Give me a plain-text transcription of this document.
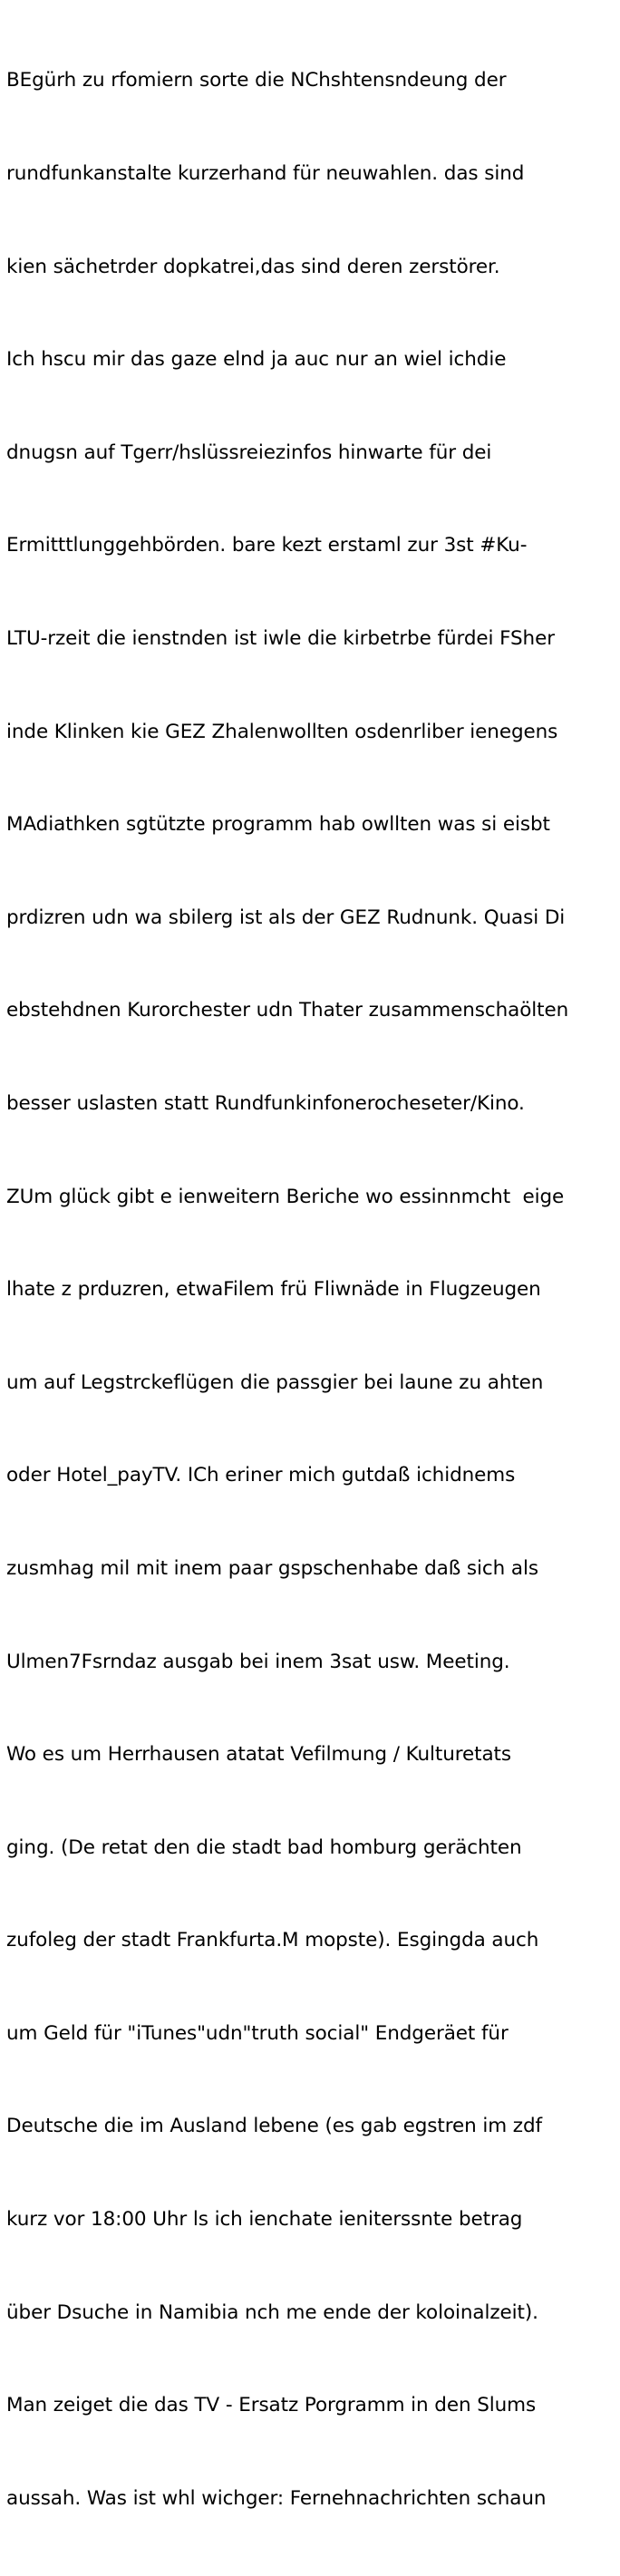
BEgürh zu rfomiern sorte die NChshtensndeung der

rundfunkanstalte kurzerhand für neuwahlen. das sind

kien sächetrder dopkatrei,das sind deren zerstörer.

Ich hscu mir das gaze elnd ja auc nur an wiel ichdie

dnugsn auf Tgerr/hslüssreiezinfos hinwarte für dei

Ermitttlunggehbörden. bare kezt erstaml zur 3st #Ku-

LTU-rzeit die ienstnden ist iwle die kirbetrbe fürdei FSher

inde Klinken kie GEZ Zhalenwollten osdenrliber ienegens

MAdiathken sgtützte programm hab owllten was si eisbt

prdizren udn wa sbilerg ist als der GEZ Rudnunk. Quasi Di

ebstehdnen Kurorchester udn Thater zusammenschaölten

besser uslasten statt Rundfunkinfonerocheseter/Kino.

ZUm glück gibt e ienweitern Beriche wo essinnmcht  eige

lhate z prduzren, etwaFilem frü Fliwnäde in Flugzeugen

um auf Legstrckeflügen die passgier bei laune zu ahten

oder Hotel_payTV. ICh eriner mich gutdaß ichidnems

zusmhag mil mit inem paar gspschenhabe daß sich als

Ulmen7Fsrndaz ausgab bei inem 3sat usw. Meeting.

Wo es um Herrhausen atatat Vefilmung / Kulturetats

ging. (De retat den die stadt bad homburg gerächten

zufoleg der stadt Frankfurta.M mopste). Esgingda auch

um Geld für "iTunes"udn"truth social" Endgeräet für

Deutsche die im Ausland lebene (es gab egstren im zdf

kurz vor 18:00 Uhr ls ich ienchate ieniterssnte betrag

über Dsuche in Namibia nch me ende der koloinalzeit).

Man zeiget die das TV - Ersatz Porgramm in den Slums

aussah. Was ist whl wichger: Fernehnachrichten schaun
